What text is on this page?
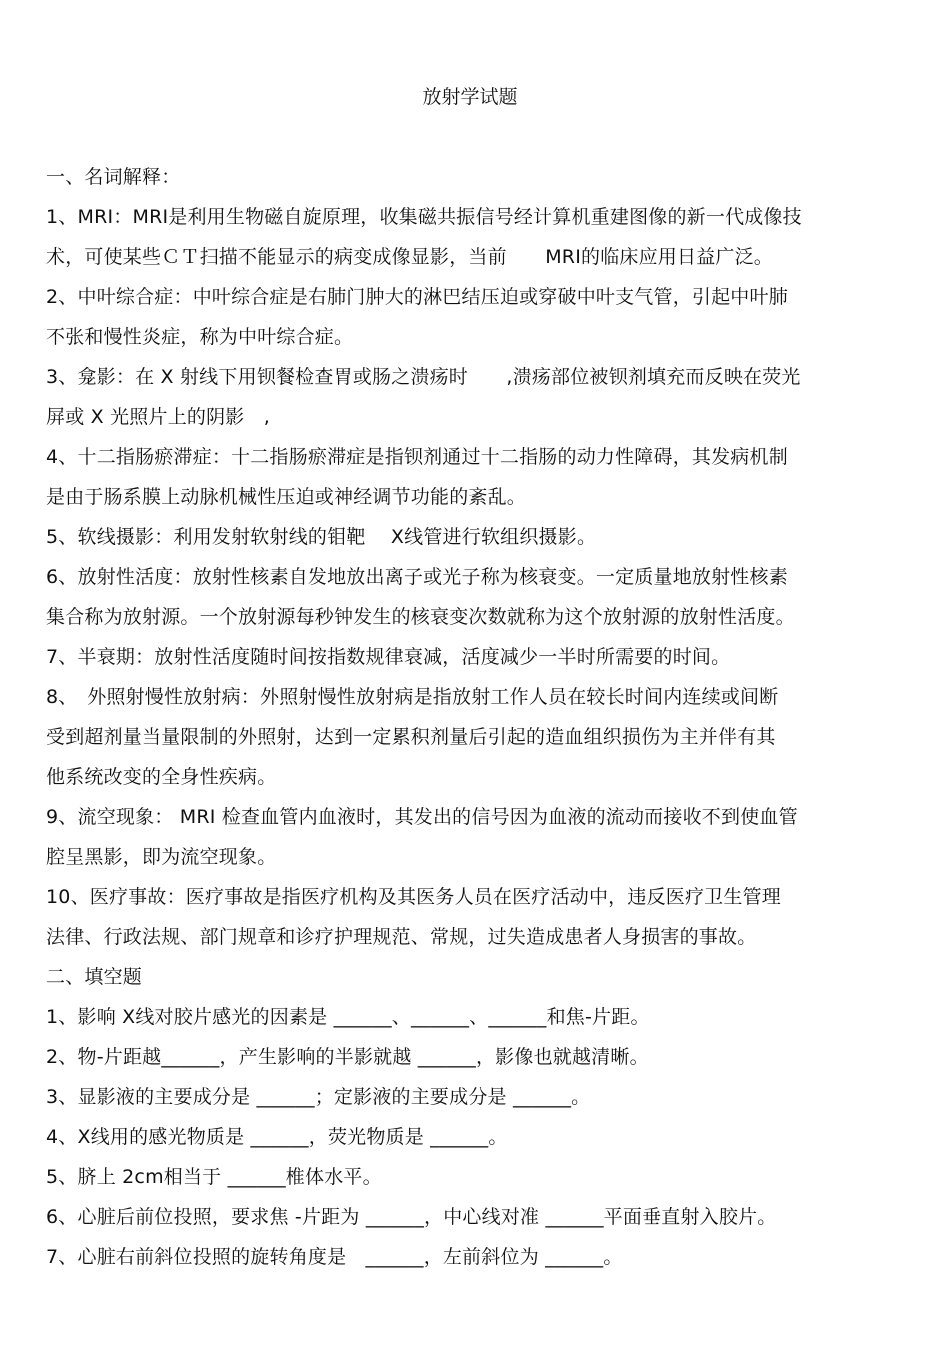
放射学试题
一、名词解释：
1、MRI：MRI是利用生物磁自旋原理，收集磁共振信号经计算机重建图像的新一代成像技
术，可使某些ＣＴ扫描不能显示的病变成像显影，当前　　MRI的临床应用日益广泛。
2、中叶综合症：中叶综合症是右肺门肿大的淋巴结压迫或穿破中叶支气管，引起中叶肺
不张和慢性炎症，称为中叶综合症。
3、龛影：在 X 射线下用钡餐检查胃或肠之溃疡时　　,溃疡部位被钡剂填充而反映在荧光
屏或 X 光照片上的阴影　,
4、十二指肠瘀滞症：十二指肠瘀滞症是指钡剂通过十二指肠的动力性障碍，其发病机制
是由于肠系膜上动脉机械性压迫或神经调节功能的紊乱。
5、软线摄影：利用发射软射线的钼靶　 X线管进行软组织摄影。
6、放射性活度：放射性核素自发地放出离子或光子称为核衰变。一定质量地放射性核素
集合称为放射源。一个放射源每秒钟发生的核衰变次数就称为这个放射源的放射性活度。
7、半衰期：放射性活度随时间按指数规律衰减，活度减少一半时所需要的时间。
8、　外照射慢性放射病：外照射慢性放射病是指放射工作人员在较长时间内连续或间断
受到超剂量当量限制的外照射，达到一定累积剂量后引起的造血组织损伤为主并伴有其
他系统改变的全身性疾病。
9、流空现象： MRI 检查血管内血液时，其发出的信号因为血液的流动而接收不到使血管
腔呈黑影，即为流空现象。
10、医疗事故：医疗事故是指医疗机构及其医务人员在医疗活动中，违反医疗卫生管理
法律、行政法规、部门规章和诊疗护理规范、常规，过失造成患者人身损害的事故。
二、填空题
1、影响 X线对胶片感光的因素是 ______、______、______和焦-片距。
2、物-片距越______，产生影响的半影就越 ______，影像也就越清晰。
3、显影液的主要成分是 ______；定影液的主要成分是 ______。
4、X线用的感光物质是 ______，荧光物质是 ______。
5、脐上 2cm相当于 ______椎体水平。
6、心脏后前位投照，要求焦 -片距为 ______，中心线对准 ______平面垂直射入胶片。
7、心脏右前斜位投照的旋转角度是　______，左前斜位为 ______。
